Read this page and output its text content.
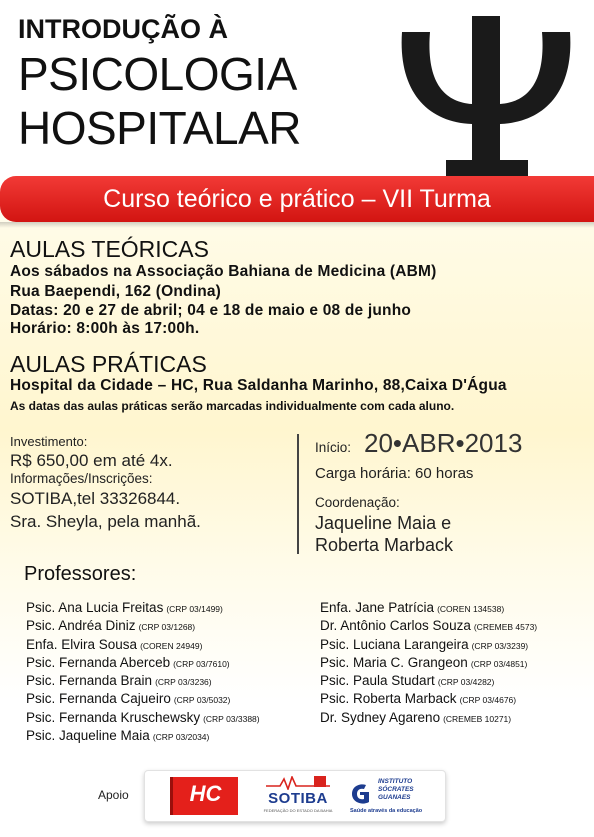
INTRODUÇÃO À
PSICOLOGIA
HOSPITALAR
Curso teórico e prático – VII Turma
AULAS TEÓRICAS
Aos sábados na Associação Bahiana de Medicina (ABM)
Rua Baependi, 162 (Ondina)
Datas: 20 e 27 de abril; 04 e 18 de maio e 08 de junho
Horário: 8:00h às 17:00h.
AULAS PRÁTICAS
Hospital da Cidade – HC, Rua Saldanha Marinho, 88,Caixa D'Água
As datas das aulas práticas serão marcadas individualmente com cada aluno.
Investimento:
R$ 650,00 em até 4x.
Informações/Inscrições:
SOTIBA,tel 33326844.
Sra. Sheyla, pela manhã.
Início: 20•ABR•2013
Carga horária: 60 horas
Coordenação:
Jaqueline Maia e
Roberta Marback
Professores:
Psic. Ana Lucia Freitas (CRP 03/1499)
Psic. Andréa Diniz (CRP 03/1268)
Enfa. Elvira Sousa (COREN 24949)
Psic. Fernanda Aberceb (CRP 03/7610)
Psic. Fernanda Brain (CRP 03/3236)
Psic. Fernanda Cajueiro (CRP 03/5032)
Psic. Fernanda Kruschewsky (CRP 03/3388)
Psic. Jaqueline Maia (CRP 03/2034)
Enfa. Jane Patrícia (COREN 134538)
Dr. Antônio Carlos Souza (CREMEB 4573)
Psic. Luciana Larangeira (CRP 03/3239)
Psic. Maria C. Grangeon (CRP 03/4851)
Psic. Paula Studart (CRP 03/4282)
Psic. Roberta Marback (CRP 03/4676)
Dr. Sydney Agareno (CREMEB 10271)
Apoio	HC	SOTIBA
FEDERAÇÃO DO ESTADO DA BAHIA
INSTITUTO
SÓCRATES
GUANAES
Saúde através da educação
